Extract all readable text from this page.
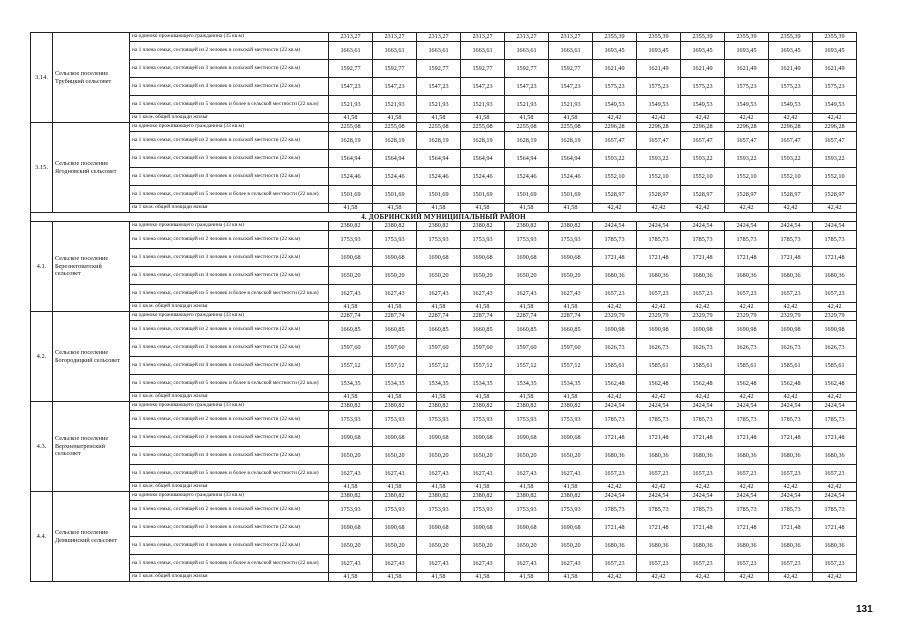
3.14.	Сельское поселение Трубицкий сельсовет	на одиноко проживающего гражданина (35 кв.м)	2313,27	2313,27	2313,27	2313,27	2313,27	2313,27	2355,39	2355,39	2355,39	2355,39	2355,39	2355,39
		на 1 члена семьи, состоящей из 2 человек в сельской местности (22 кв.м)	1663,61	1663,61	1663,61	1663,61	1663,61	1663,61	1693,45	1693,45	1693,45	1693,45	1693,45	1693,45
		на 1 члена семьи, состоящей из 3 человек в сельской местности (22 кв.м)	1592,77	1592,77	1592,77	1592,77	1592,77	1592,77	1621,49	1621,49	1621,49	1621,49	1621,49	1621,49
		на 1 члена семьи, состоящей из 4 человек в сельской местности (22 кв.м)	1547,23	1547,23	1547,23	1547,23	1547,23	1547,23	1575,23	1575,23	1575,23	1575,23	1575,23	1575,23
		на 1 члена семьи, состоящей из 5 человек и более в сельской местности (22 кв.м)	1521,93	1521,93	1521,93	1521,93	1521,93	1521,93	1549,53	1549,53	1549,53	1549,53	1549,53	1549,53
		на 1 кв.м. общей площади жилья	41,58	41,58	41,58	41,58	41,58	41,58	42,42	42,42	42,42	42,42	42,42	42,42
3.15.	Сельское поселение Ягодновский сельсовет	на одиноко проживающего гражданина (33 кв.м)	2255,08	2255,08	2255,08	2255,08	2255,08	2255,08	2296,28	2296,28	2296,28	2296,28	2296,28	2296,28
		на 1 члена семьи, состоящей из 2 человек в сельской местности (22 кв.м)	1628,19	1628,19	1628,19	1628,19	1628,19	1628,19	1657,47	1657,47	1657,47	1657,47	1657,47	1657,47
		на 1 члена семьи, состоящей из 3 человек в сельской местности (22 кв.м)	1564,94	1564,94	1564,94	1564,94	1564,94	1564,94	1593,22	1593,22	1593,22	1593,22	1593,22	1593,22
		на 1 члена семьи, состоящей из 4 человек в сельской местности (22 кв.м)	1524,46	1524,46	1524,46	1524,46	1524,46	1524,46	1552,10	1552,10	1552,10	1552,10	1552,10	1552,10
		на 1 члена семьи, состоящей из 5 человек и более в сельской местности (22 кв.м)	1501,69	1501,69	1501,69	1501,69	1501,69	1501,69	1528,97	1528,97	1528,97	1528,97	1528,97	1528,97
		на 1 кв.м. общей площади жилья	41,58	41,58	41,58	41,58	41,58	41,58	42,42	42,42	42,42	42,42	42,42	42,42
4. ДОБРИНСКИЙ МУНИЦИПАЛЬНЫЙ РАЙОН														
4.1.	Сельское поселение Березнеговатский сельсовет	на одиноко проживающего гражданина (33 кв.м)	2380,82	2380,82	2380,82	2380,82	2380,82	2380,82	2424,54	2424,54	2424,54	2424,54	2424,54	2424,54
		на 1 члена семьи, состоящей из 2 человек в сельской местности (22 кв.м)	1753,93	1753,93	1753,93	1753,93	1753,93	1753,93	1785,73	1785,73	1785,73	1785,73	1785,73	1785,73
		на 1 члена семьи, состоящей из 3 человек в сельской местности (22 кв.м)	1690,68	1690,68	1690,68	1690,68	1690,68	1690,68	1721,48	1721,48	1721,48	1721,48	1721,48	1721,48
		на 1 члена семьи, состоящей из 4 человек в сельской местности (22 кв.м)	1650,20	1650,20	1650,20	1650,20	1650,20	1650,20	1680,36	1680,36	1680,36	1680,36	1680,36	1680,36
		на 1 члена семьи, состоящей из 5 человек и более в сельской местности (22 кв.м)	1627,43	1627,43	1627,43	1627,43	1627,43	1627,43	1657,23	1657,23	1657,23	1657,23	1657,23	1657,23
		на 1 кв.м. общей площади жилья	41,58	41,58	41,58	41,58	41,58	41,58	42,42	42,42	42,42	42,42	42,42	42,42
4.2.	Сельское поселение Богородицкий сельсовет	на одиноко проживающего гражданина (33 кв.м)	2287,74	2287,74	2287,74	2287,74	2287,74	2287,74	2329,79	2329,79	2329,79	2329,79	2329,79	2329,79
		на 1 члена семьи, состоящей из 2 человек в сельской местности (22 кв.м)	1660,85	1660,85	1660,85	1660,85	1660,85	1660,85	1690,98	1690,98	1690,98	1690,98	1690,98	1690,98
		на 1 члена семьи, состоящей из 3 человек в сельской местности (22 кв.м)	1597,60	1597,60	1597,60	1597,60	1597,60	1597,60	1626,73	1626,73	1626,73	1626,73	1626,73	1626,73
		на 1 члена семьи, состоящей из 4 человек в сельской местности (22 кв.м)	1557,12	1557,12	1557,12	1557,12	1557,12	1557,12	1585,61	1585,61	1585,61	1585,61	1585,61	1585,61
		на 1 члена семьи, состоящей из 5 человек и более в сельской местности (22 кв.м)	1534,35	1534,35	1534,35	1534,35	1534,35	1534,35	1562,48	1562,48	1562,48	1562,48	1562,48	1562,48
		на 1 кв.м. общей площади жилья	41,58	41,58	41,58	41,58	41,58	41,58	42,42	42,42	42,42	42,42	42,42	42,42
4.3.	Сельское поселение Верхнематренский сельсовет	на одиноко проживающего гражданина (33 кв.м)	2380,82	2380,82	2380,82	2380,82	2380,82	2380,82	2424,54	2424,54	2424,54	2424,54	2424,54	2424,54
		на 1 члена семьи, состоящей из 2 человек в сельской местности (22 кв.м)	1753,93	1753,93	1753,93	1753,93	1753,93	1753,93	1785,73	1785,73	1785,73	1785,73	1785,73	1785,73
		на 1 члена семьи, состоящей из 3 человек в сельской местности (22 кв.м)	1690,68	1690,68	1690,68	1690,68	1690,68	1690,68	1721,48	1721,48	1721,48	1721,48	1721,48	1721,48
		на 1 члена семьи, состоящей из 4 человек в сельской местности (22 кв.м)	1650,20	1650,20	1650,20	1650,20	1650,20	1650,20	1680,36	1680,36	1680,36	1680,36	1680,36	1680,36
		на 1 члена семьи, состоящей из 5 человек и более в сельской местности (22 кв.м)	1627,43	1627,43	1627,43	1627,43	1627,43	1627,43	1657,23	1657,23	1657,23	1657,23	1657,23	1657,23
		на 1 кв.м. общей площади жилья	41,58	41,58	41,58	41,58	41,58	41,58	42,42	42,42	42,42	42,42	42,42	42,42
4.4.	Сельское поселение Демшинский сельсовет	на одиноко проживающего гражданина (33 кв.м)	2380,82	2380,82	2380,82	2380,82	2380,82	2380,82	2424,54	2424,54	2424,54	2424,54	2424,54	2424,54
		на 1 члена семьи, состоящей из 2 человек в сельской местности (22 кв.м)	1753,93	1753,93	1753,93	1753,93	1753,93	1753,93	1785,73	1785,73	1785,73	1785,73	1785,73	1785,73
		на 1 члена семьи, состоящей из 3 человек в сельской местности (22 кв.м)	1690,68	1690,68	1690,68	1690,68	1690,68	1690,68	1721,48	1721,48	1721,48	1721,48	1721,48	1721,48
		на 1 члена семьи, состоящей из 4 человек в сельской местности (22 кв.м)	1650,20	1650,20	1650,20	1650,20	1650,20	1650,20	1680,36	1680,36	1680,36	1680,36	1680,36	1680,36
		на 1 члена семьи, состоящей из 5 человек и более в сельской местности (22 кв.м)	1627,43	1627,43	1627,43	1627,43	1627,43	1627,43	1657,23	1657,23	1657,23	1657,23	1657,23	1657,23
		на 1 кв.м. общей площади жилья	41,58	41,58	41,58	41,58	41,58	41,58	42,42	42,42	42,42	42,42	42,42	42,42
131
